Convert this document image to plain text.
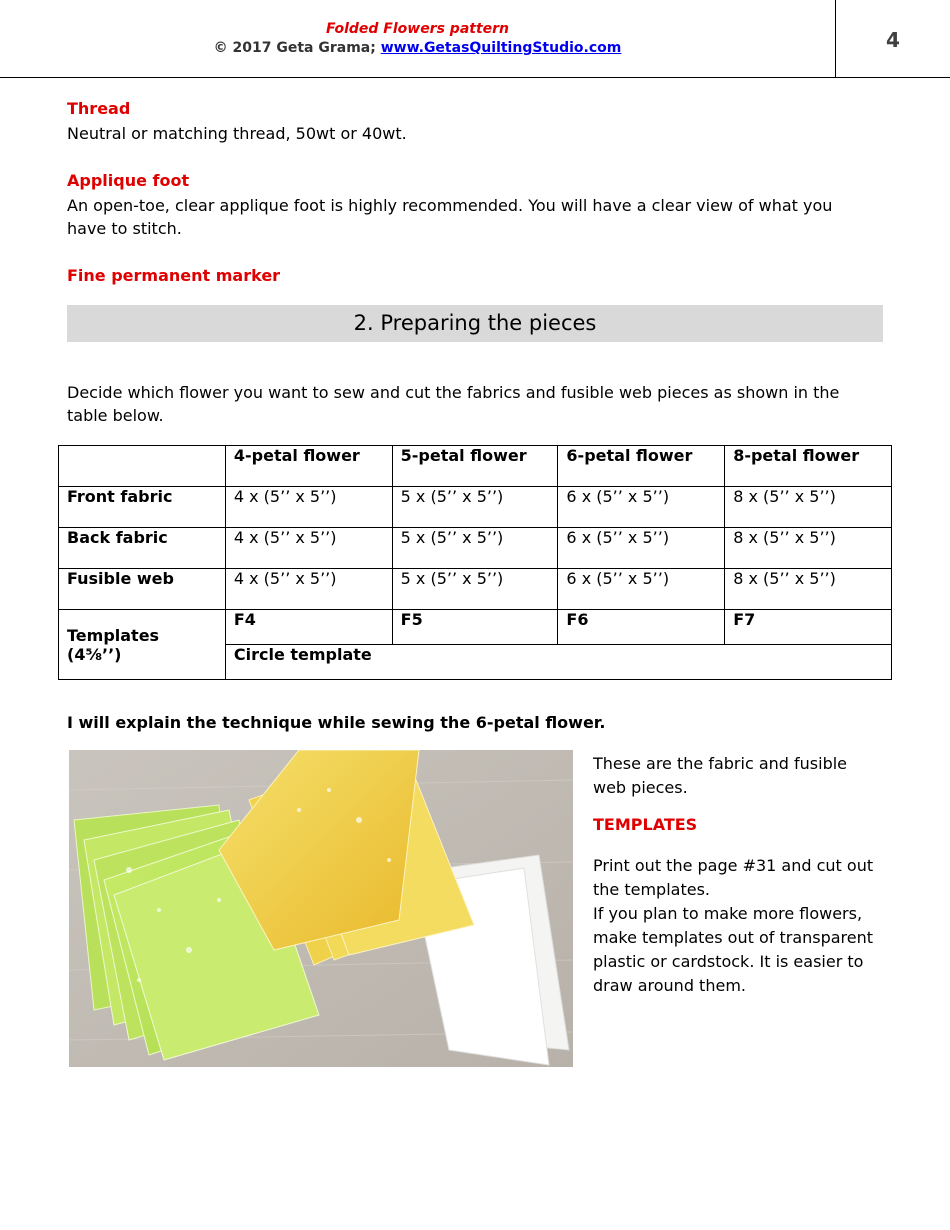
Folded Flowers pattern
© 2017 Geta Grama; www.GetasQuiltingStudio.com	4
Thread
Neutral or matching thread, 50wt or 40wt.
Applique foot
An open-toe, clear applique foot is highly recommended. You will have a clear view of what you have to stitch.
Fine permanent marker
2. Preparing the pieces
Decide which flower you want to sew and cut the fabrics and fusible web pieces as shown in the table below.
	4-petal flower	5-petal flower	6-petal flower	8-petal flower
Front fabric	4 x (5’’ x 5’’)	5 x (5’’ x 5’’)	6 x (5’’ x 5’’)	8 x (5’’ x 5’’)
Back fabric	4 x (5’’ x 5’’)	5 x (5’’ x 5’’)	6 x (5’’ x 5’’)	8 x (5’’ x 5’’)
Fusible web	4 x (5’’ x 5’’)	5 x (5’’ x 5’’)	6 x (5’’ x 5’’)	8 x (5’’ x 5’’)
Templates (4⅝’’)	F4	F5	F6	F7
	Circle template			
I will explain the technique while sewing the 6-petal flower.
These are the fabric and fusible web pieces.
TEMPLATES
Print out the page #31 and cut out the templates.
If you plan to make more flowers, make templates out of transparent plastic or cardstock. It is easier to draw around them.
